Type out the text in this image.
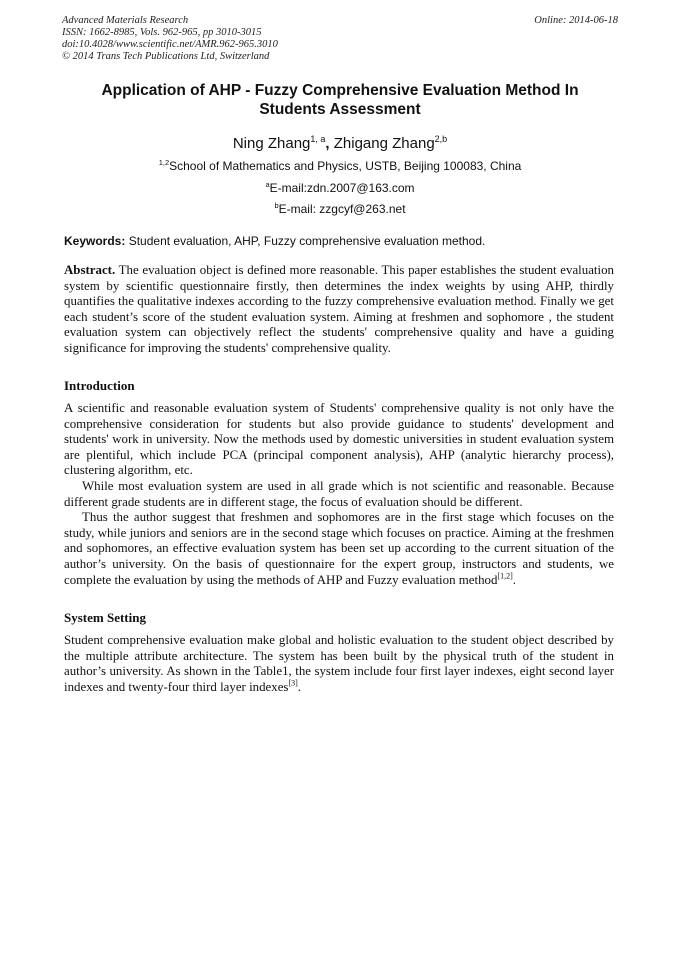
Advanced Materials Research
ISSN: 1662-8985, Vols. 962-965, pp 3010-3015
doi:10.4028/www.scientific.net/AMR.962-965.3010
© 2014 Trans Tech Publications Ltd, Switzerland
Online: 2014-06-18
Application of AHP - Fuzzy Comprehensive Evaluation Method In
Students Assessment
Ning Zhang$^{1, a}$, Zhigang Zhang$^{2,b}$
$^{1,2}$School of Mathematics and Physics, USTB, Beijing 100083, China
$^a$E-mail:zdn.2007@163.com
$^b$E-mail: zzgcyf@263.net
Keywords: Student evaluation, AHP, Fuzzy comprehensive evaluation method.
Abstract. The evaluation object is defined more reasonable. This paper establishes the student evaluation system by scientific questionnaire firstly, then determines the index weights by using AHP, thirdly quantifies the qualitative indexes according to the fuzzy comprehensive evaluation method. Finally we get each student’s score of the student evaluation system. Aiming at freshmen and sophomore , the student evaluation system can objectively reflect the students' comprehensive quality and have a guiding significance for improving the students' comprehensive quality.
Introduction

A scientific and reasonable evaluation system of Students' comprehensive quality is not only have the comprehensive consideration for students but also provide guidance to students' development and students' work in university. Now the methods used by domestic universities in student evaluation system are plentiful, which include PCA (principal component analysis), AHP (analytic hierarchy process), clustering algorithm, etc.

While most evaluation system are used in all grade which is not scientific and reasonable. Because different grade students are in different stage, the focus of evaluation should be different.

Thus the author suggest that freshmen and sophomores are in the first stage which focuses on the study, while juniors and seniors are in the second stage which focuses on practice. Aiming at the freshmen and sophomores, an effective evaluation system has been set up according to the current situation of the author’s university. On the basis of questionnaire for the expert group, instructors and students, we complete the evaluation by using the methods of AHP and Fuzzy evaluation method[1,2].

System Setting

Student comprehensive evaluation make global and holistic evaluation to the student object described by the multiple attribute architecture. The system has been built by the physical truth of the student in author’s university. As shown in the Table1, the system include four first layer indexes, eight second layer indexes and twenty-four third layer indexes[3].
